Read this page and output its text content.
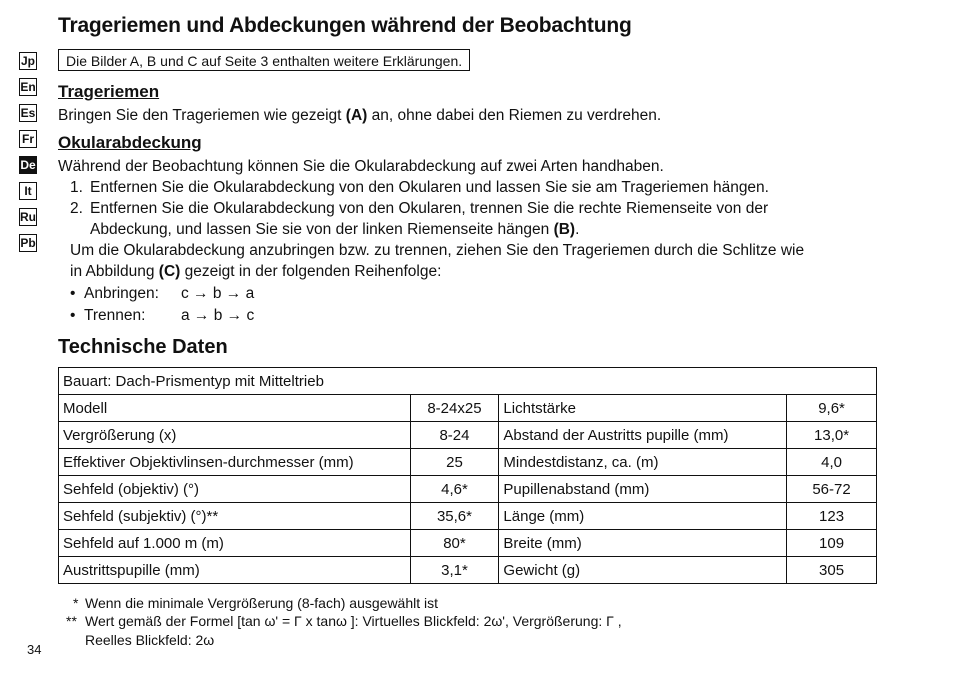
Trageriemen und Abdeckungen während der Beobachtung
Die Bilder A, B und C auf Seite 3 enthalten weitere Erklärungen.
Jp
En
Es
Fr
De
It
Ru
Pb
Trageriemen
Bringen Sie den Trageriemen wie gezeigt (A) an, ohne dabei den Riemen zu verdrehen.
Okularabdeckung
Während der Beobachtung können Sie die Okularabdeckung auf zwei Arten handhaben.
1. Entfernen Sie die Okularabdeckung von den Okularen und lassen Sie sie am Trageriemen hängen.
2. Entfernen Sie die Okularabdeckung von den Okularen, trennen Sie die rechte Riemenseite von der
Abdeckung, und lassen Sie sie von der linken Riemenseite hängen (B).
Um die Okularabdeckung anzubringen bzw. zu trennen, ziehen Sie den Trageriemen durch die Schlitze wie
in Abbildung (C) gezeigt in der folgenden Reihenfolge:
• Anbringen: c → b → a
• Trennen: a → b → c
Technische Daten
Bauart: Dach-Prismentyp mit Mitteltrieb			
Modell	8-24x25	Lichtstärke	9,6*
Vergrößerung (x)	8-24	Abstand der Austritts pupille (mm)	13,0*
Effektiver Objektivlinsen-durchmesser (mm)	25	Mindestdistanz, ca. (m)	4,0
Sehfeld (objektiv) (°)	4,6*	Pupillenabstand (mm)	56-72
Sehfeld (subjektiv) (°)**	35,6*	Länge (mm)	123
Sehfeld auf 1.000 m (m)	80*	Breite (mm)	109
Austrittspupille (mm)	3,1*	Gewicht (g)	305
* Wenn die minimale Vergrößerung (8-fach) ausgewählt ist
** Wert gemäß der Formel [tan ω' = Γ x tanω ]: Virtuelles Blickfeld: 2ω', Vergrößerung: Γ ,
Reelles Blickfeld: 2ω
34
